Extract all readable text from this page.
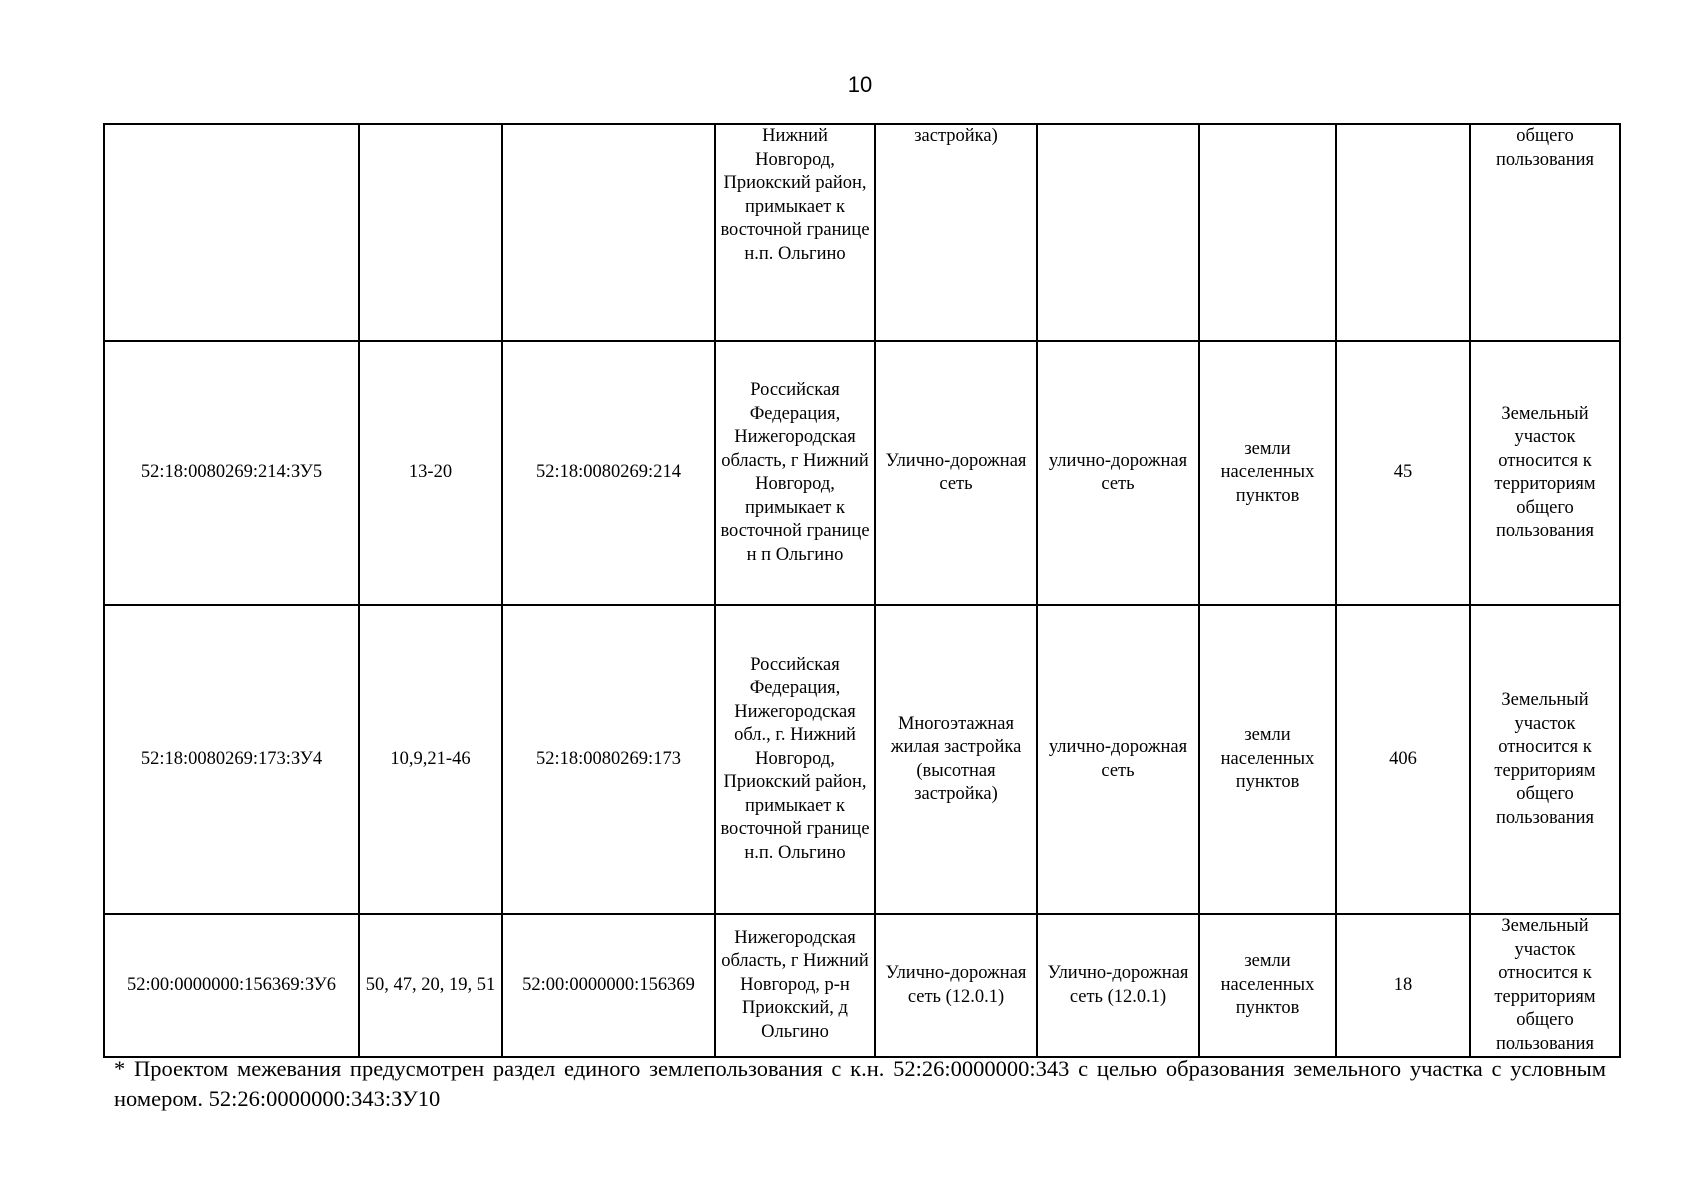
10
			Нижний Новгород, Приокский район, примыкает к восточной границе н.п. Ольгино	застройка)				общего пользования
52:18:0080269:214:ЗУ5	13-20	52:18:0080269:214	Российская Федерация, Нижегородская область, г Нижний Новгород, примыкает к восточной границе н п Ольгино	Улично-дорожная сеть	улично-дорожная сеть	земли населенных пунктов	45	Земельный участок относится к территориям общего пользования
52:18:0080269:173:ЗУ4	10,9,21-46	52:18:0080269:173	Российская Федерация, Нижегородская обл., г. Нижний Новгород, Приокский район, примыкает к восточной границе н.п. Ольгино	Многоэтажная жилая застройка (высотная застройка)	улично-дорожная сеть	земли населенных пунктов	406	Земельный участок относится к территориям общего пользования
52:00:0000000:156369:ЗУ6	50, 47, 20, 19, 51	52:00:0000000:156369	Нижегородская область, г Нижний Новгород, р-н Приокский, д Ольгино	Улично-дорожная сеть (12.0.1)	Улично-дорожная сеть (12.0.1)	земли населенных пунктов	18	Земельный участок относится к территориям общего пользования
* Проектом межевания предусмотрен раздел единого землепользования с к.н. 52:26:0000000:343 с целью образования земельного участка с условным номером. 52:26:0000000:343:ЗУ10
